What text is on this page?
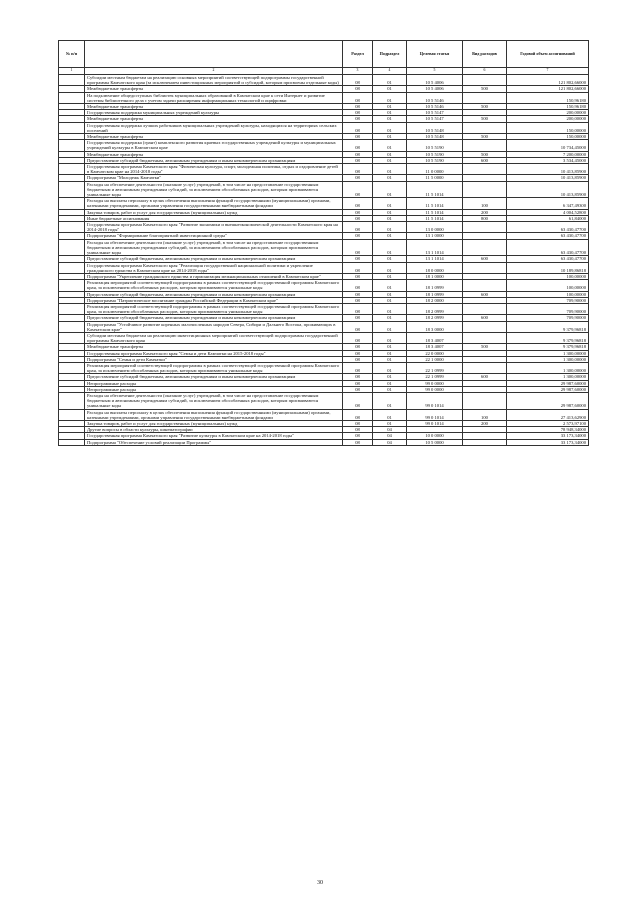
№ п/п		Раздел	Подраздел	Целевая статья	Вид расходов	Годовой объем ассигнований
1	2	3	4	5	6	7
	Субсидии местным бюджетам на реализацию основных мероприятий соответствующей подпрограммы государственной программы Камчатского края (за исключением инвестиционных мероприятий и субсидий, которым присвоены отдельные коды)	08	01	10 5 4006		121 802,66000
	Межбюджетные трансферты	08	01	10 5 4006	500	121 802,66000
	На подключение общедоступных библиотек муниципальных образований в Камчатском крае к сети Интернет и развитие системы библиотечного дела с учетом задачи расширения информационных технологий и оцифровки	08	01	10 5 5146		150,96180
	Межбюджетные трансферты	08	01	10 5 5146	500	150,96180
	Государственная поддержка муниципальных учреждений культуры	08	01	10 5 5147		200,00000
	Межбюджетные трансферты	08	01	10 5 5147	500	200,00000
	Государственная поддержка лучших работников муниципальных учреждений культуры, находящихся на территориях сельских поселений	08	01	10 5 5148		150,00000
	Межбюджетные трансферты	08	01	10 5 5148	500	150,00000
	Государственная поддержка (грант) комплексного развития краевых государственных учреждений культуры и муниципальных учреждений культуры в Камчатском крае	08	01	10 5 5190		10 734,45000
	Межбюджетные трансферты	08	01	10 5 5190	500	7 200,00000
	Предоставление субсидий бюджетным, автономным учреждениям и иным некоммерческим организациям	08	01	10 5 5190	600	3 534,45000
	Государственная программа Камчатского края "Физическая культура, спорт, молодежная политика, отдых и оздоровление детей в Камчатском крае на 2014-2018 годы"	08	01	11 0 0000		10 413,85900
	Подпрограмма "Молодежь Камчатки"	08	01	11 5 0000		10 413,85900
	Расходы на обеспечение деятельности (оказание услуг) учреждений, в том числе на предоставление государственным бюджетным и автономным учреждениям субсидий, за исключением обособленных расходов, которым присваиваются уникальные коды	08	01	11 5 1014		10 413,85900
	Расходы на выплаты персоналу в целях обеспечения выполнения функций государственными (муниципальными) органами, казенными учреждениями, органами управления государственными внебюджетными фондами	08	01	11 5 1014	100	6 347,49300
	Закупка товаров, работ и услуг для государственных (муниципальных) нужд	08	01	11 5 1014	200	4 004,52800
	Иные бюджетные ассигнования	08	01	11 5 1014	800	61,84000
	Государственная программа Камчатского края "Развитие экономики и внешнеэкономической деятельности Камчатского края на 2014-2018 годы"	08	01	13 0 0000		63 430,47700
	Подпрограмма "Формирование благоприятной инвестиционной среды"	08	01	13 1 0000		63 430,47700
	Расходы на обеспечение деятельности (оказание услуг) учреждений, в том числе на предоставление государственным бюджетным и автономным учреждениям субсидий, за исключением обособленных расходов, которым присваиваются уникальные коды	08	01	13 1 1014		63 430,47700
	Предоставление субсидий бюджетным, автономным учреждениям и иным некоммерческим организациям	08	01	13 1 1014	600	63 430,47700
	Государственная программа Камчатского края "Реализация государственной национальной политики и укрепление гражданского единства в Камчатском крае на 2014-2018 годы"	08	01	18 0 0000		10 189,86818
	Подпрограмма "Укрепление гражданского единства и гармонизация межнациональных отношений в Камчатском крае"	08	01	18 1 0000		100,00000
	Реализация мероприятий соответствующей подпрограммы в рамках соответствующей государственной программы Камчатского края, за исключением обособленных расходов, которым присваиваются уникальные коды	08	01	18 1 0999		100,00000
	Предоставление субсидий бюджетным, автономным учреждениям и иным некоммерческим организациям	08	01	18 1 0999	600	100,00000
	Подпрограмма "Патриотическое воспитание граждан Российской Федерации в Камчатском крае"	08	01	18 2 0000		709,90000
	Реализация мероприятий соответствующей подпрограммы в рамках соответствующей государственной программы Камчатского края, за исключением обособленных расходов, которым присваиваются уникальные коды	08	01	18 2 0999		709,90000
	Предоставление субсидий бюджетным, автономным учреждениям и иным некоммерческим организациям	08	01	18 2 0999	600	709,90000
	Подпрограмма "Устойчивое развитие коренных малочисленных народов Севера, Сибири и Дальнего Востока, проживающих в Камчатском крае"	08	01	18 3 0000		9 379,96818
	Субсидии местным бюджетам на реализацию инвестиционных мероприятий соответствующей подпрограммы государственной программы Камчатского края	08	01	18 3 4007		9 379,96818
	Межбюджетные трансферты	08	01	18 3 4007	500	9 379,96818
	Государственная программа Камчатского края "Семья и дети Камчатки на 2015-2018 годы"	08	01	22 0 0000		1 300,00000
	Подпрограмма "Семья и дети Камчатки"	08	01	22 1 0000		1 300,00000
	Реализация мероприятий соответствующей подпрограммы в рамках соответствующей государственной программы Камчатского края, за исключением обособленных расходов, которым присваиваются уникальные коды	08	01	22 1 0999		1 300,00000
	Предоставление субсидий бюджетным, автономным учреждениям и иным некоммерческим организациям	08	01	22 1 0999	600	1 300,00000
	Непрограммные расходы	08	01	99 0 0000		29 987,60000
	Непрограммные расходы	08	01	99 0 0000		29 987,60000
	Расходы на обеспечение деятельности (оказание услуг) учреждений, в том числе на предоставление государственным бюджетным и автономным учреждениям субсидий, за исключением обособленных расходов, которым присваиваются уникальные коды	08	01	99 0 1014		29 987,60000
	Расходы на выплаты персоналу в целях обеспечения выполнения функций государственными (муниципальными) органами, казенными учреждениями, органами управления государственными внебюджетными фондами	08	01	99 0 1014	100	27 413,62900
	Закупка товаров, работ и услуг для государственных (муниципальных) нужд	08	01	99 0 1014	200	2 573,97100
	Другие вопросы в области культуры, кинематографии	08	04			78 948,34000
	Государственная программа Камчатского края "Развитие культуры в Камчатском крае на 2014-2018 годы"	08	04	10 0 0000		33 173,34000
	Подпрограмма "Обеспечение условий реализации Программы"	08	04	10 5 0000		33 173,34000
30
